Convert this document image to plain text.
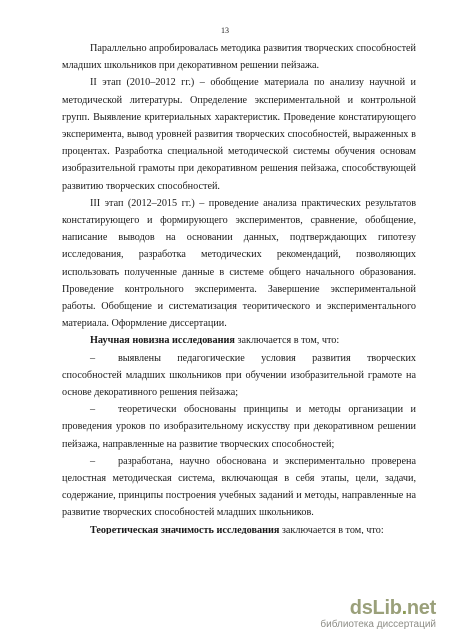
13

Параллельно апробировалась методика развития творческих способностей младших школьников при декоративном решении пейзажа.

II этап (2010–2012 гг.) – обобщение материала по анализу научной и методической литературы. Определение экспериментальной и контрольной групп. Выявление критериальных характеристик. Проведение констатирующего эксперимента, вывод уровней развития творческих способностей, выраженных в процентах. Разработка специальной методической системы обучения основам изобразительной грамоты при декоративном решения пейзажа, способствующей развитию творческих способностей.

III этап (2012–2015 гг.) – проведение анализа практических результатов констатирующего и формирующего экспериментов, сравнение, обобщение, написание выводов на основании данных, подтверждающих гипотезу исследования, разработка методических рекомендаций, позволяющих использовать полученные данные в системе общего начального образования. Проведение контрольного эксперимента. Завершение экспериментальной работы. Обобщение и систематизация теоритического и экспериментального материала. Оформление диссертации.

Научная новизна исследования заключается в том, что:

– выявлены педагогические условия развития творческих способностей младших школьников при обучении изобразительной грамоте на основе декоративного решения пейзажа;

– теоретически обоснованы принципы и методы организации и проведения уроков по изобразительному искусству при декоративном решении пейзажа, направленные на развитие творческих способностей;

– разработана, научно обоснована и экспериментально проверена целостная методическая система, включающая в себя этапы, цели, задачи, содержание, принципы построения учебных заданий и методы, направленные на развитие творческих способностей младших школьников.

Теоретическая значимость исследования заключается в том, что:

dsLib.net
библиотека диссертаций
